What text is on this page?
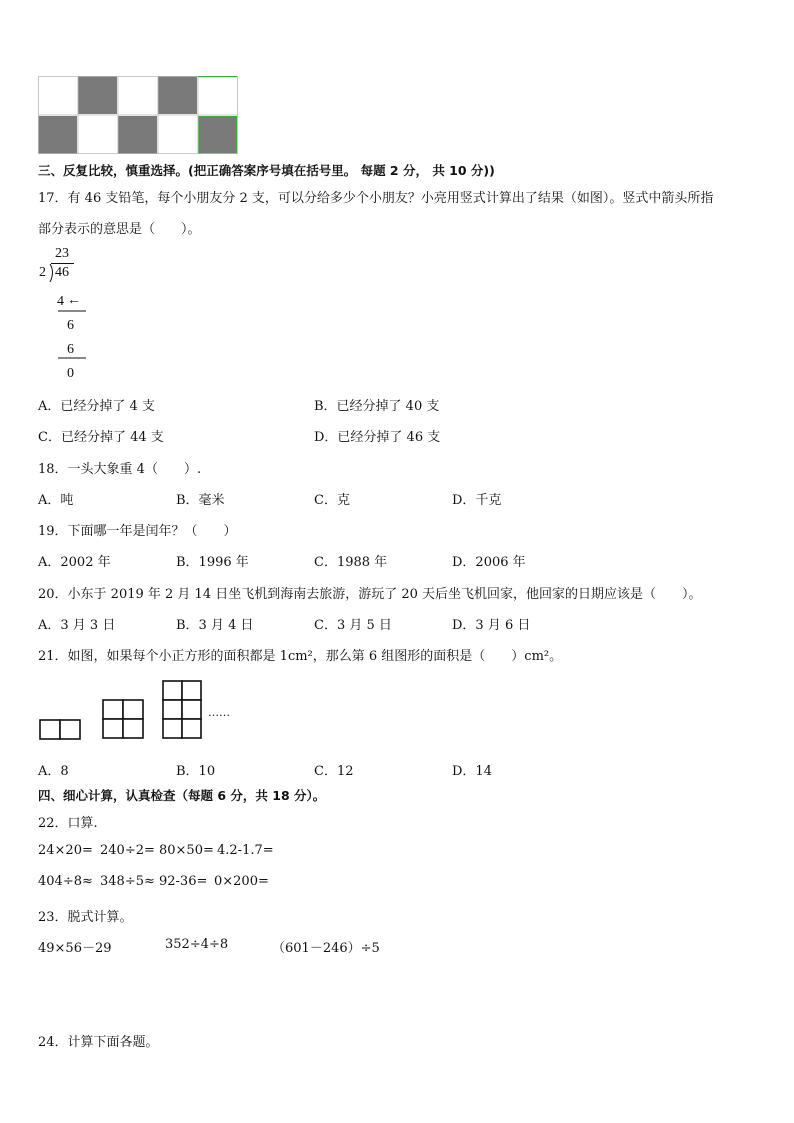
三、反复比较，慎重选择。(把正确答案序号填在括号里。 每题 2 分， 共 10 分))
17．有 46 支铅笔，每个小朋友分 2 支，可以分给多少个小朋友？小亮用竖式计算出了结果（如图）。竖式中箭头所指
部分表示的意思是（　　）。
23
2 46
4 ←
6
6
0
A．已经分掉了 4 支	B．已经分掉了 40 支
C．已经分掉了 44 支	D．已经分掉了 46 支
18．一头大象重 4（　　）.
A．吨	B．毫米	C．克	D．千克
19．下面哪一年是闰年？（　　）
A．2002 年	B．1996 年	C．1988 年	D．2006 年
20．小东于 2019 年 2 月 14 日坐飞机到海南去旅游，游玩了 20 天后坐飞机回家，他回家的日期应该是（　　）。
A．3 月 3 日	B．3 月 4 日	C．3 月 5 日	D．3 月 6 日
21．如图，如果每个小正方形的面积都是 1cm²，那么第 6 组图形的面积是（　　）cm²。
……
A．8	B．10	C．12	D．14
四、细心计算，认真检查（每题 6 分，共 18 分）。
22．口算.
24×20= 240÷2= 80×50= 4.2-1.7=
404÷8≈ 348÷5≈ 92-36= 0×200=
23．脱式计算。
49×56－29	352÷4÷8	（601－246）÷5
24．计算下面各题。
